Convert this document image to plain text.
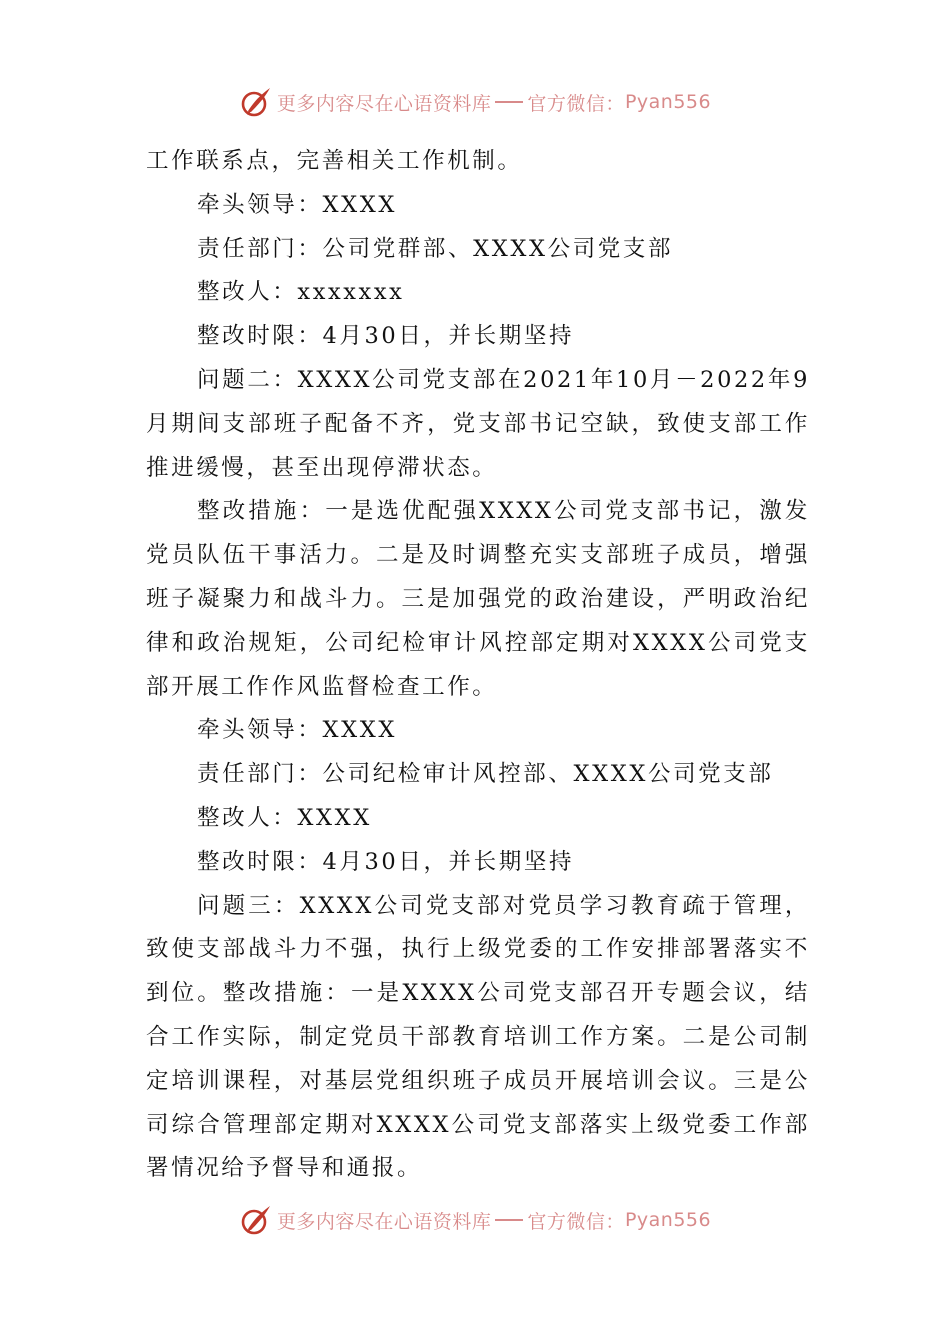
更多内容尽在心语资料库 官方微信： Pyan556

工作联系点，完善相关工作机制。

牵头领导：XXXX

责任部门：公司党群部、XXXX公司党支部

整改人：xxxxxxx

整改时限：4月30日，并长期坚持

问题二：XXXX公司党支部在2021年10月－2022年9月期间支部班子配备不齐，党支部书记空缺，致使支部工作推进缓慢，甚至出现停滞状态。

整改措施：一是选优配强XXXX公司党支部书记，激发党员队伍干事活力。二是及时调整充实支部班子成员，增强班子凝聚力和战斗力。三是加强党的政治建设，严明政治纪律和政治规矩，公司纪检审计风控部定期对XXXX公司党支部开展工作作风监督检查工作。

牵头领导：XXXX

责任部门：公司纪检审计风控部、XXXX公司党支部

整改人：XXXX

整改时限：4月30日，并长期坚持

问题三：XXXX公司党支部对党员学习教育疏于管理，致使支部战斗力不强，执行上级党委的工作安排部署落实不到位。整改措施：一是XXXX公司党支部召开专题会议，结合工作实际，制定党员干部教育培训工作方案。二是公司制定培训课程，对基层党组织班子成员开展培训会议。三是公司综合管理部定期对XXXX公司党支部落实上级党委工作部署情况给予督导和通报。

更多内容尽在心语资料库 官方微信： Pyan556
